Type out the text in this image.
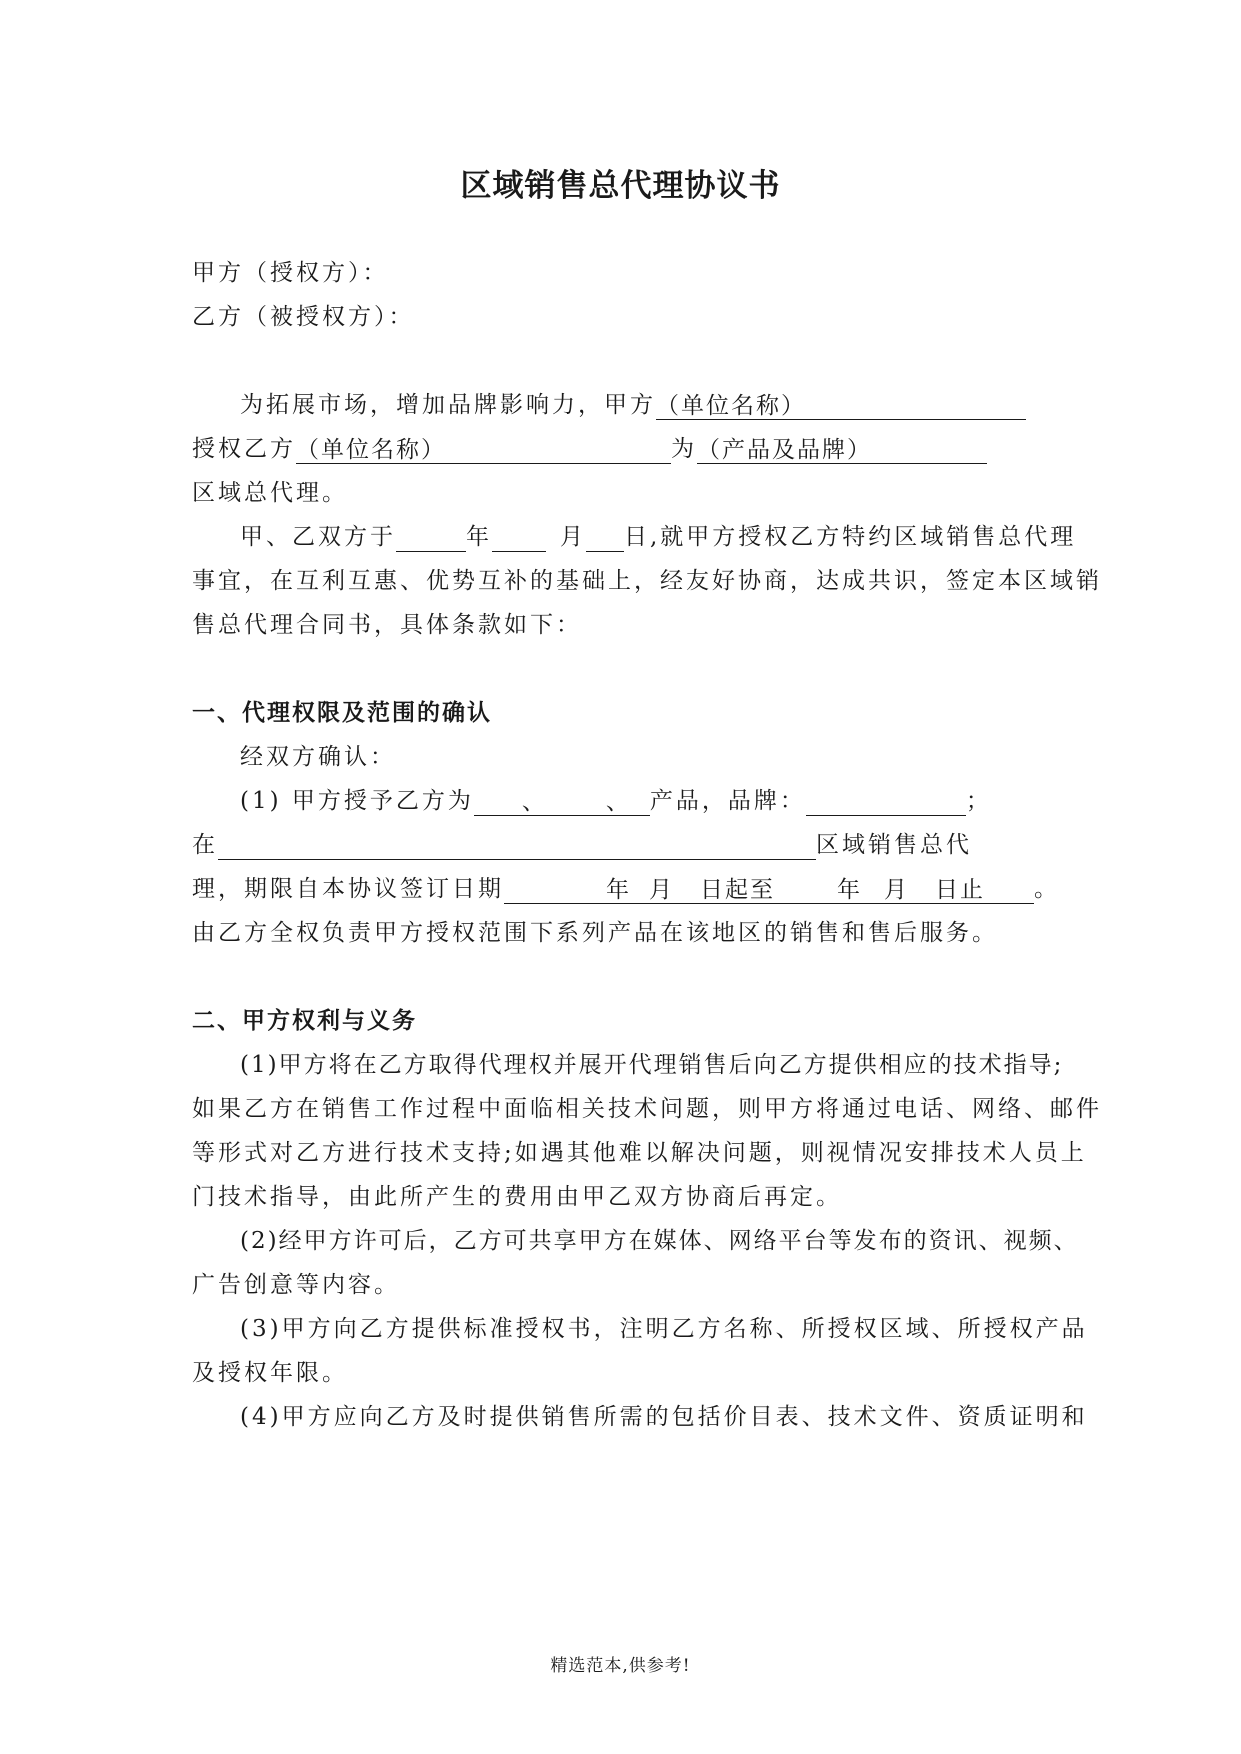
区域销售总代理协议书
甲方（授权方）：
乙方（被授权方）：
为拓展市场，增加品牌影响力，甲方（单位名称）
授权乙方（单位名称）	为（产品及品牌）
区域总代理。
甲、乙双方于	年	月 日,就甲方授权乙方特约区域销售总代理
事宜，在互利互惠、优势互补的基础上，经友好协商，达成共识，签定本区域销
售总代理合同书，具体条款如下：
一、代理权限及范围的确认
经双方确认：
(1) 甲方授予乙方为 、	、 产品，品牌：	；
在	区域销售总代
理，期限自本协议签订日期	年 月 日起至	年 月 日止 。
由乙方全权负责甲方授权范围下系列产品在该地区的销售和售后服务。
二、甲方权利与义务
(1)甲方将在乙方取得代理权并展开代理销售后向乙方提供相应的技术指导;
如果乙方在销售工作过程中面临相关技术问题，则甲方将通过电话、网络、邮件
等形式对乙方进行技术支持;如遇其他难以解决问题，则视情况安排技术人员上
门技术指导，由此所产生的费用由甲乙双方协商后再定。
(2)经甲方许可后，乙方可共享甲方在媒体、网络平台等发布的资讯、视频、
广告创意等内容。
(3)甲方向乙方提供标准授权书，注明乙方名称、所授权区域、所授权产品
及授权年限。
(4)甲方应向乙方及时提供销售所需的包括价目表、技术文件、资质证明和
精选范本,供参考!
